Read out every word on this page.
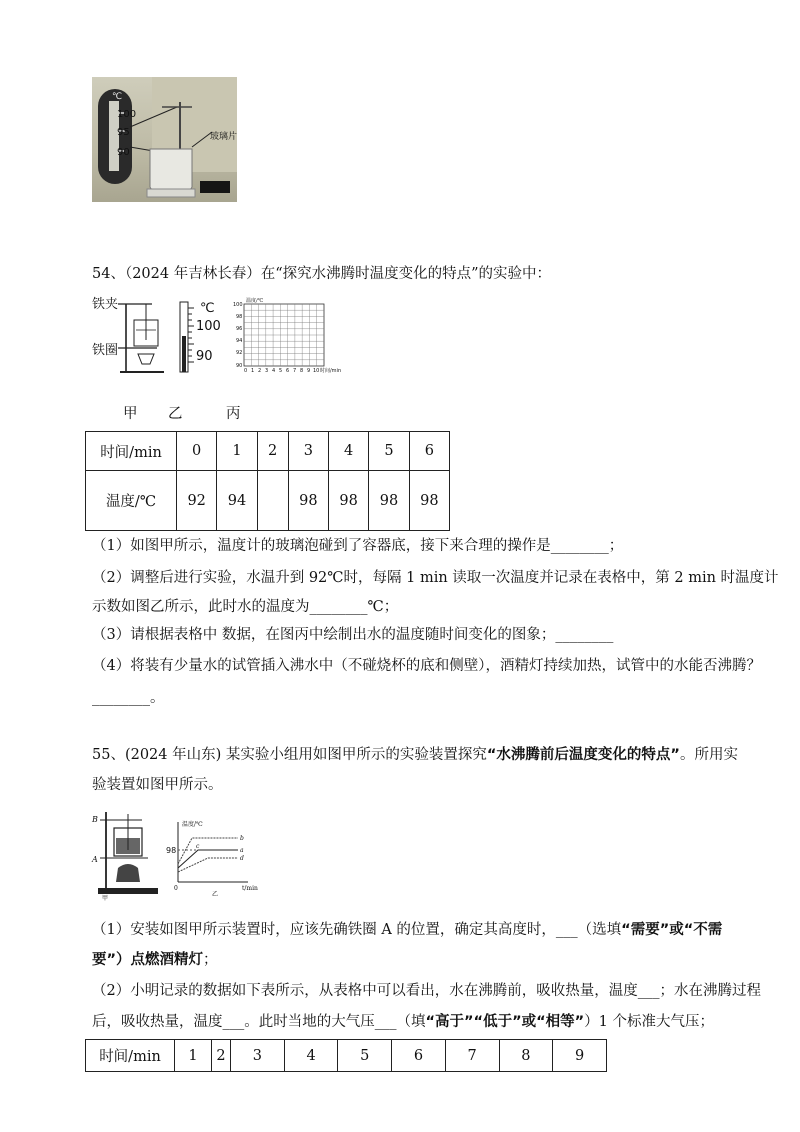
℃
100
95
90
玻璃片
54、（2024 年吉林长春）在“探究水沸腾时温度变化的特点”的实验中：
铁夹
铁圈
℃
100
90
温度/℃
100
98
96
94
92
90
0 1 2 3 4 5 6 7 8 9 10 时间/min
甲 乙	丙
时间/min	0	1	2	3	4	5	6
温度/℃	92	94		98	98	98	98
（1）如图甲所示，温度计的玻璃泡碰到了容器底，接下来合理的操作是________；
（2）调整后进行实验，水温升到 92℃时，每隔 1 min 读取一次温度并记录在表格中，第 2 min 时温度计
示数如图乙所示，此时水的温度为________℃；
（3）请根据表格中 数据，在图丙中绘制出水的温度随时间变化的图象；________
（4）将装有少量水的试管插入沸水中（不碰烧杯的底和侧壁），酒精灯持续加热，试管中的水能否沸腾？
________。
55、(2024 年山东) 某实验小组用如图甲所示的实验装置探究“水沸腾前后温度变化的特点”。所用实
验装置如图甲所示。
B
A
甲
温度/℃
t/min
0
98
b
a
c
d
乙
（1）安装如图甲所示装置时，应该先确铁圈 A 的位置，确定其高度时，___（选填“需要”或“不需
要”）点燃酒精灯；
（2）小明记录的数据如下表所示，从表格中可以看出，水在沸腾前，吸收热量，温度___；水在沸腾过程
后，吸收热量，温度___。此时当地的大气压___（填“高于”“低于”或“相等”）1 个标准大气压；
时间/min	1	2	3	4	5	6	7	8	9
